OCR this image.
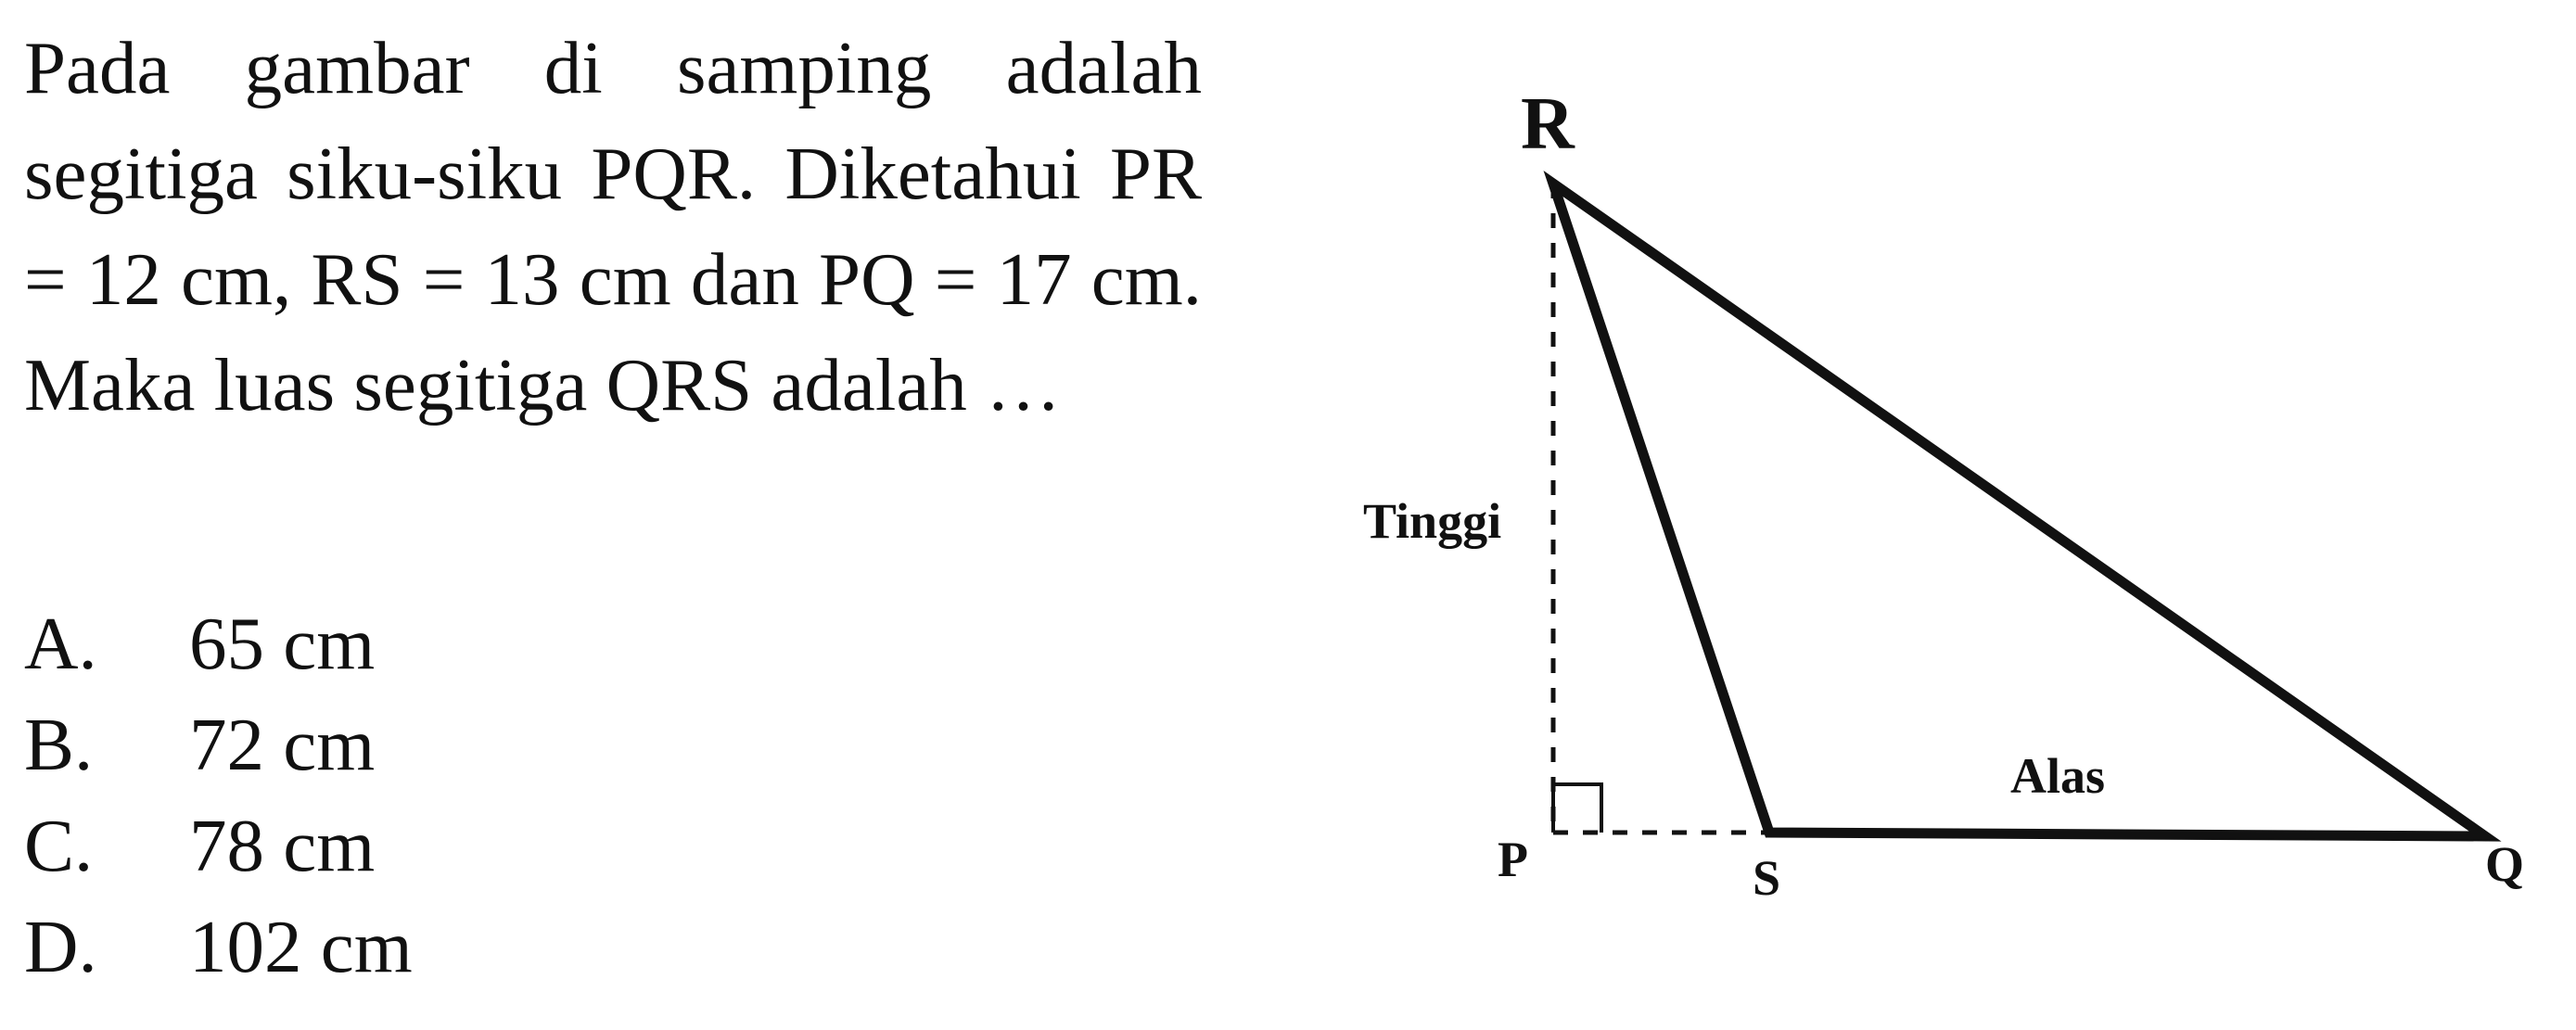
Pada gambar di samping adalah segitiga siku-siku PQR. Diketahui PR = 12 cm, RS = 13 cm dan PQ = 17 cm. Maka luas segitiga QRS adalah …
A.	65 cm
B.	72 cm
C.	78 cm
D.	102 cm
R
Tinggi
Alas
P	S	Q
